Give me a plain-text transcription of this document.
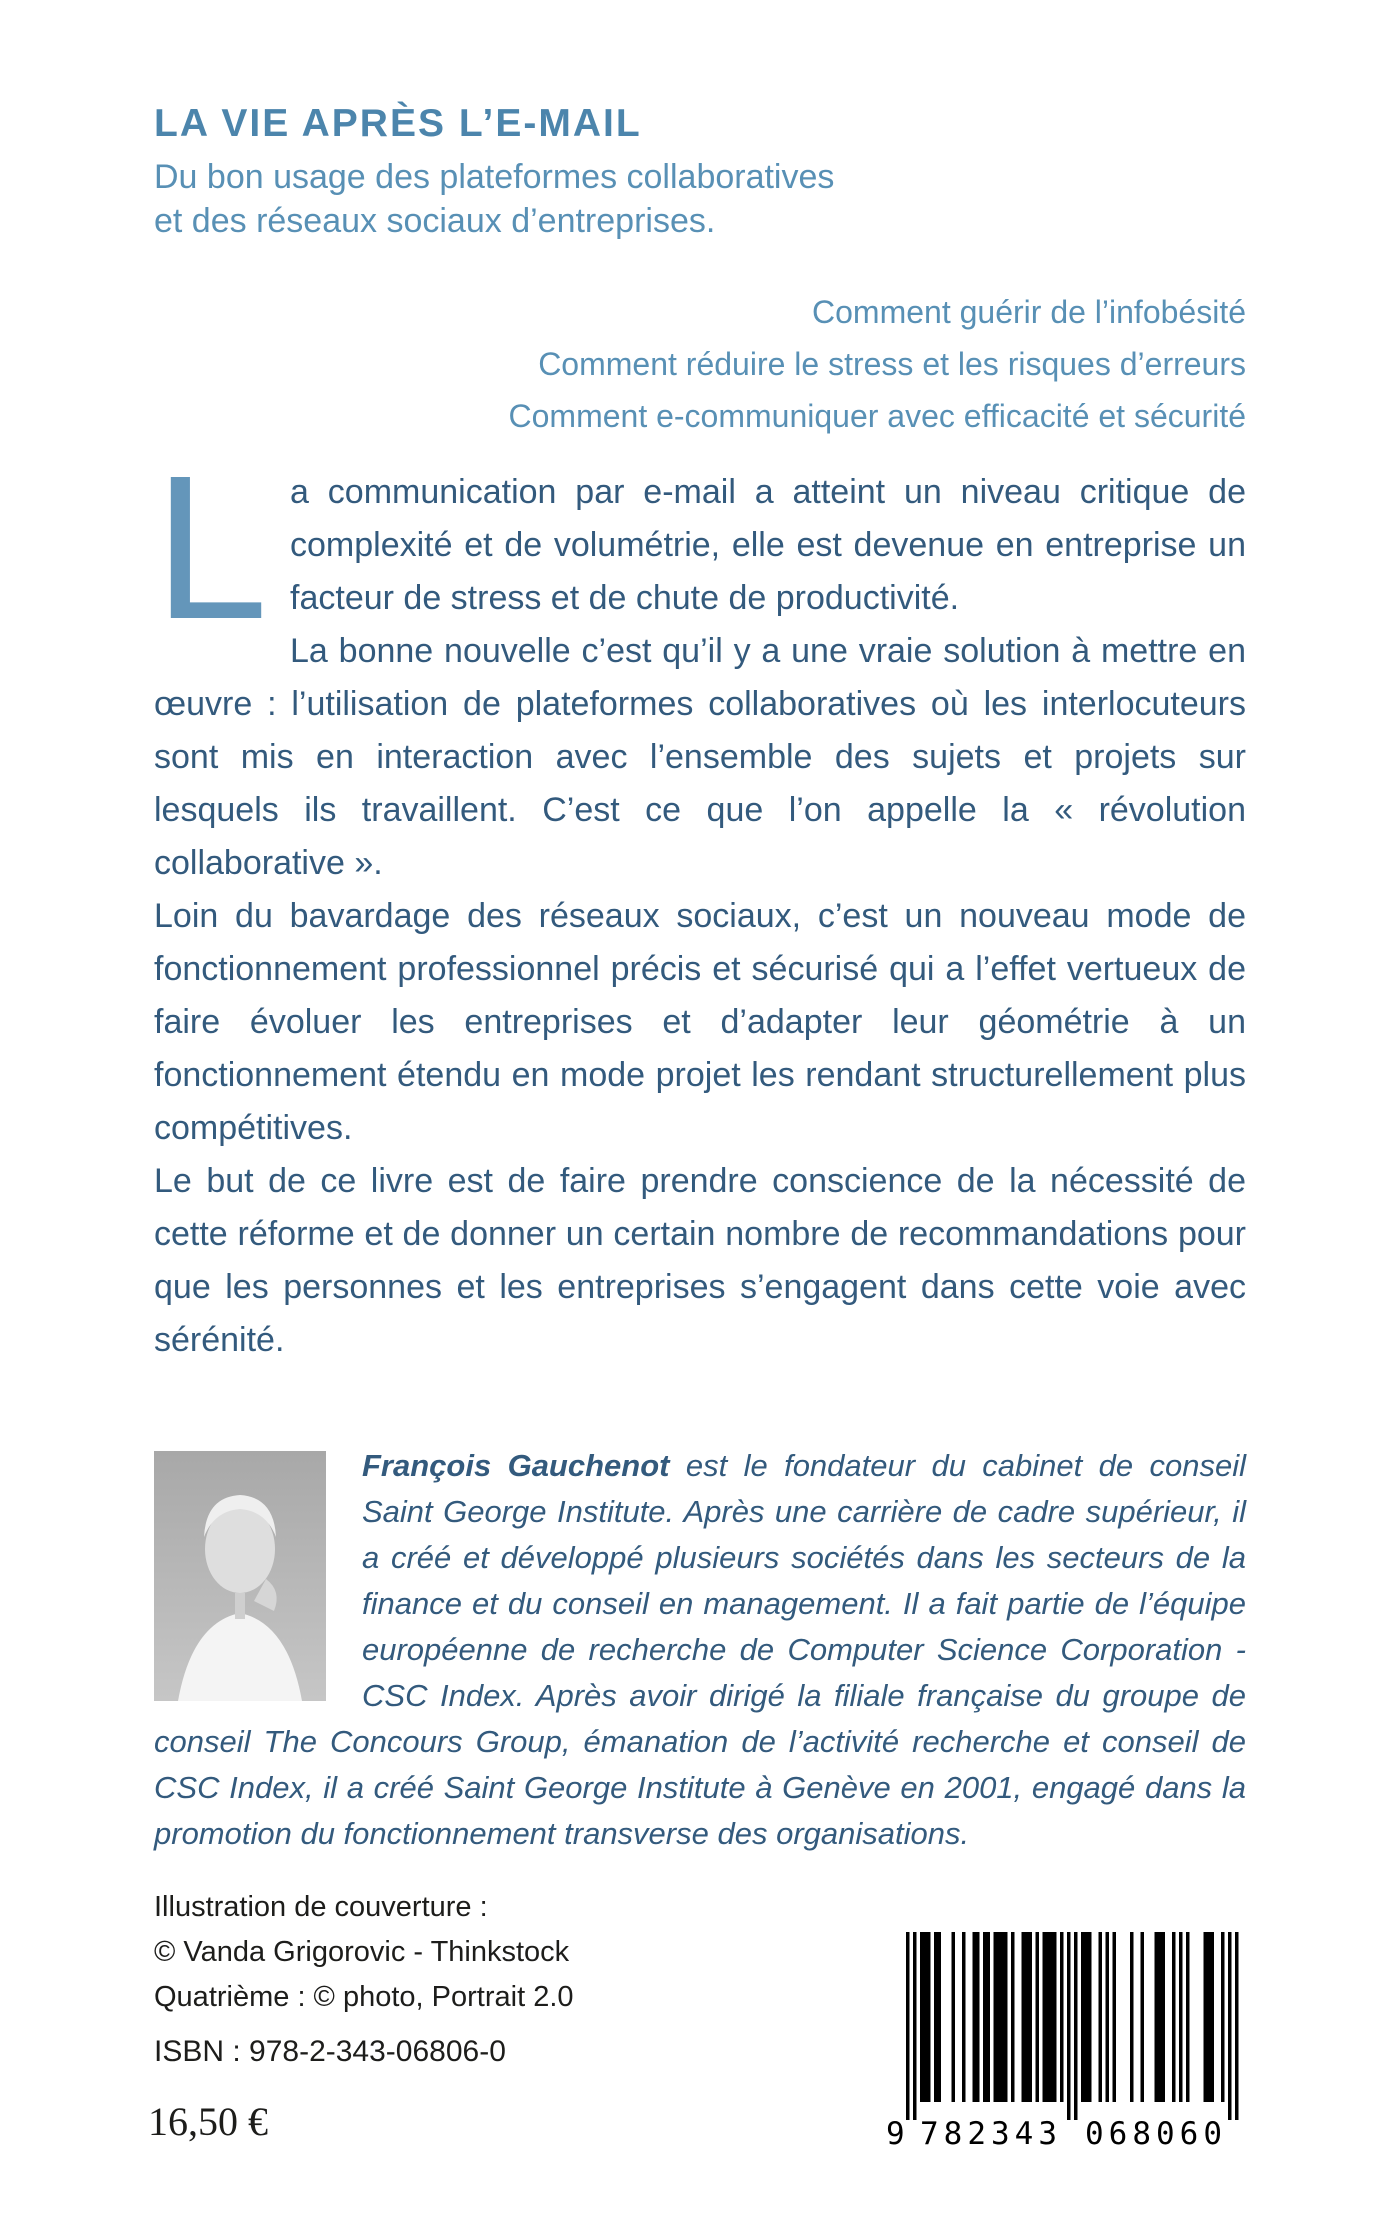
LA VIE APRÈS L’E-MAIL
Du bon usage des plateformes collaboratives
et des réseaux sociaux d’entreprises.
Comment guérir de l’infobésité
Comment réduire le stress et les risques d’erreurs
Comment e-communiquer avec efficacité et sécurité

La communication par e-mail a atteint un niveau critique de complexité et de volumétrie, elle est devenue en entreprise un facteur de stress et de chute de productivité.

La bonne nouvelle c’est qu’il y a une vraie solution à mettre en œuvre : l’utilisation de plateformes collaboratives où les interlocuteurs sont mis en interaction avec l’ensemble des sujets et projets sur lesquels ils travaillent. C’est ce que l’on appelle la « révolution collaborative ».

Loin du bavardage des réseaux sociaux, c’est un nouveau mode de fonctionnement professionnel précis et sécurisé qui a l’effet vertueux de faire évoluer les entreprises et d’adapter leur géométrie à un fonctionnement étendu en mode projet les rendant structurellement plus compétitives.

Le but de ce livre est de faire prendre conscience de la nécessité de cette réforme et de donner un certain nombre de recommandations pour que les personnes et les entreprises s’engagent dans cette voie avec sérénité.

François Gauchenot est le fondateur du cabinet de conseil Saint George Institute. Après une carrière de cadre supérieur, il a créé et développé plusieurs sociétés dans les secteurs de la finance et du conseil en management. Il a fait partie de l’équipe européenne de recherche de Computer Science Corporation - CSC Index. Après avoir dirigé la filiale française du groupe de conseil The Concours Group, émanation de l’activité recherche et conseil de CSC Index, il a créé Saint George Institute à Genève en 2001, engagé dans la promotion du fonctionnement transverse des organisations.
Illustration de couverture :
© Vanda Grigorovic - Thinkstock
Quatrième : © photo, Portrait 2.0
ISBN : 978-2-343-06806-0
16,50 €	9 782343 068060
